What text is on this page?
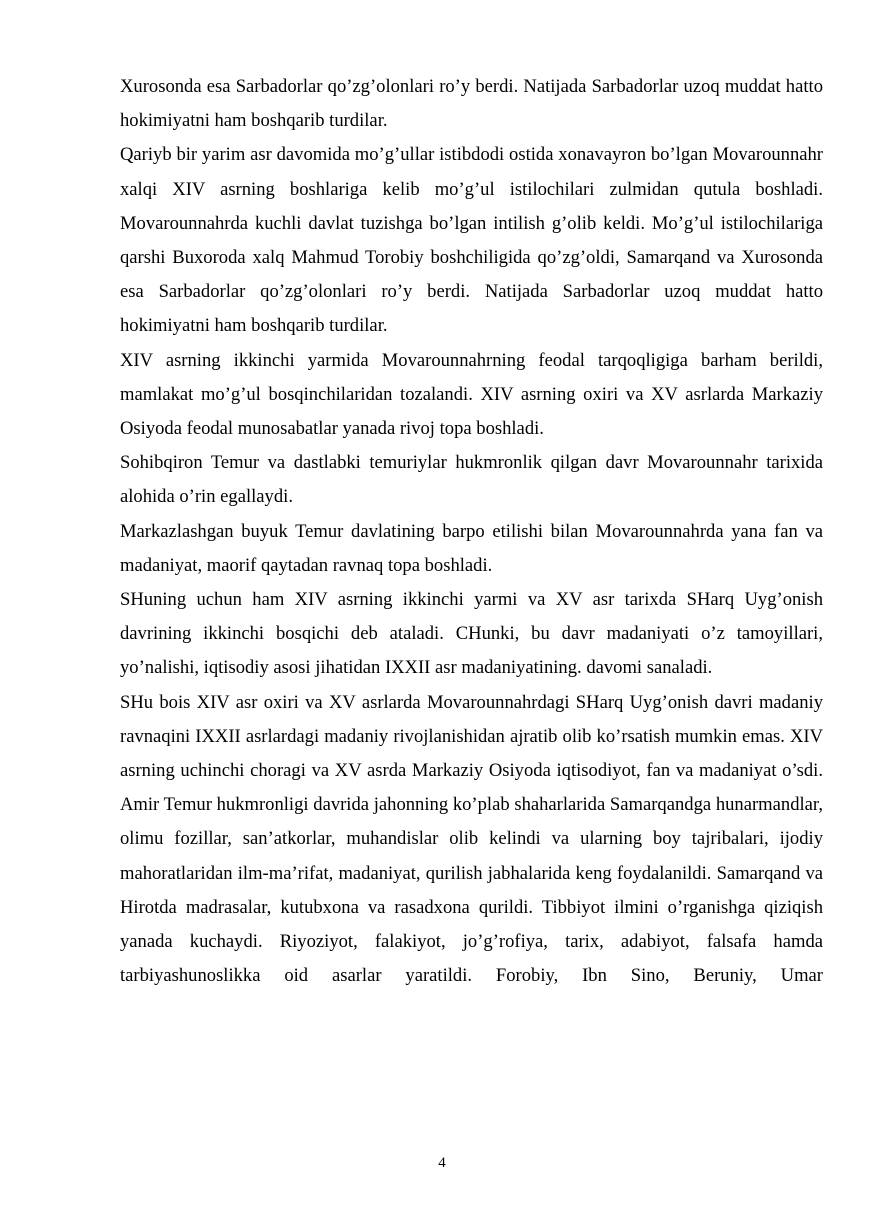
Xurosonda esa Sarbadorlar qo’zg’olonlari ro’y berdi. Natijada Sarbadorlar uzoq muddat hatto hokimiyatni ham boshqarib turdilar.

Qariyb bir yarim asr davomida mo’g’ullar istibdodi ostida xonavayron bo’lgan Movarounnahr xalqi XIV asrning boshlariga kelib mo’g’ul istilochilari zulmidan qutula boshladi. Movarounnahrda kuchli davlat tuzishga bo’lgan intilish g’olib keldi. Mo’g’ul istilochilariga qarshi Buxoroda xalq Mahmud Torobiy boshchiligida qo’zg’oldi, Samarqand va Xurosonda esa Sarbadorlar qo’zg’olonlari ro’y berdi. Natijada Sarbadorlar uzoq muddat hatto hokimiyatni ham boshqarib turdilar.

XIV asrning ikkinchi yarmida Movarounnahrning feodal tarqoqligiga barham berildi, mamlakat mo’g’ul bosqinchilaridan tozalandi. XIV asrning oxiri va XV asrlarda Markaziy Osiyoda feodal munosabatlar yanada rivoj topa boshladi.

Sohibqiron Temur va dastlabki temuriylar hukmronlik qilgan davr Movarounnahr tarixida alohida o’rin egallaydi.

Markazlashgan buyuk Temur davlatining barpo etilishi bilan Movarounnahrda yana fan va madaniyat, maorif qaytadan ravnaq topa boshladi.

SHuning uchun ham XIV asrning ikkinchi yarmi va XV asr tarixda SHarq Uyg’onish davrining ikkinchi bosqichi deb ataladi. CHunki, bu davr madaniyati o’z tamoyillari, yo’nalishi, iqtisodiy asosi jihatidan IXXII asr madaniyatining. davomi sanaladi.

SHu bois XIV asr oxiri va XV asrlarda Movarounnahrdagi SHarq Uyg’onish davri madaniy ravnaqini IXXII asrlardagi madaniy rivojlanishidan ajratib olib ko’rsatish mumkin emas. XIV asrning uchinchi choragi va XV asrda Markaziy Osiyoda iqtisodiyot, fan va madaniyat o’sdi. Amir Temur hukmronligi davrida jahonning ko’plab shaharlarida Samarqandga hunarmandlar, olimu fozillar, san’atkorlar, muhandislar olib kelindi va ularning boy tajribalari, ijodiy mahoratlaridan ilm-ma’rifat, madaniyat, qurilish jabhalarida keng foydalanildi. Samarqand va Hirotda madrasalar, kutubxona va rasadxona qurildi. Tibbiyot ilmini o’rganishga qiziqish yanada kuchaydi. Riyoziyot, falakiyot, jo’g’rofiya, tarix, adabiyot, falsafa hamda tarbiyashunoslikka oid asarlar yaratildi. Forobiy, Ibn Sino, Beruniy, Umar

4
